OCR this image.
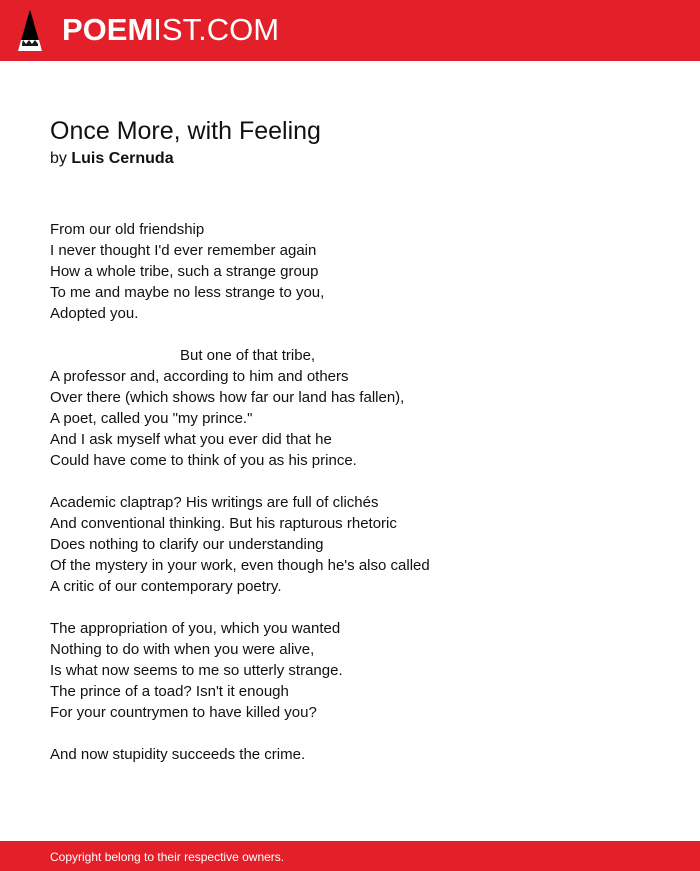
POEMIST.COM
Once More, with Feeling
by Luis Cernuda
From our old friendship
I never thought I'd ever remember again
How a whole tribe, such a strange group
To me and maybe no less strange to you,
Adopted you.
But one of that tribe,
A professor and, according to him and others
Over there (which shows how far our land has fallen),
A poet, called you "my prince."
And I ask myself what you ever did that he
Could have come to think of you as his prince.
Academic claptrap? His writings are full of clichés
And conventional thinking. But his rapturous rhetoric
Does nothing to clarify our understanding
Of the mystery in your work, even though he's also called
A critic of our contemporary poetry.
The appropriation of you, which you wanted
Nothing to do with when you were alive,
Is what now seems to me so utterly strange.
The prince of a toad? Isn't it enough
For your countrymen to have killed you?
And now stupidity succeeds the crime.
Copyright belong to their respective owners.
